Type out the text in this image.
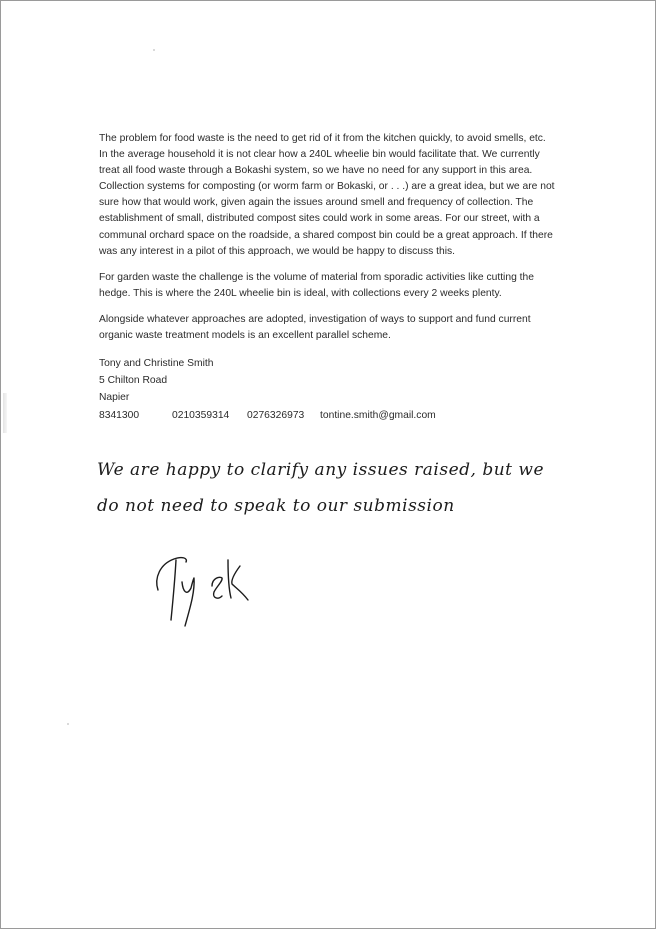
The problem for food waste is the need to get rid of it from the kitchen quickly, to avoid smells, etc.
In the average household it is not clear how a 240L wheelie bin would facilitate that. We currently
treat all food waste through a Bokashi system, so we have no need for any support in this area.
Collection systems for composting (or worm farm or Bokaski, or . . .) are a great idea, but we are not
sure how that would work, given again the issues around smell and frequency of collection. The
establishment of small, distributed compost sites could work in some areas. For our street, with a
communal orchard space on the roadside, a shared compost bin could be a great approach. If there
was any interest in a pilot of this approach, we would be happy to discuss this.

For garden waste the challenge is the volume of material from sporadic activities like cutting the
hedge. This is where the 240L wheelie bin is ideal, with collections every 2 weeks plenty.

Alongside whatever approaches are adopted, investigation of ways to support and fund current
organic waste treatment models is an excellent parallel scheme.

Tony and Christine Smith
5 Chilton Road
Napier
8341300	0210359314	0276326973	tontine.smith@gmail.com
We are happy to clarify any issues raised, but we
do not need to speak to our submission
